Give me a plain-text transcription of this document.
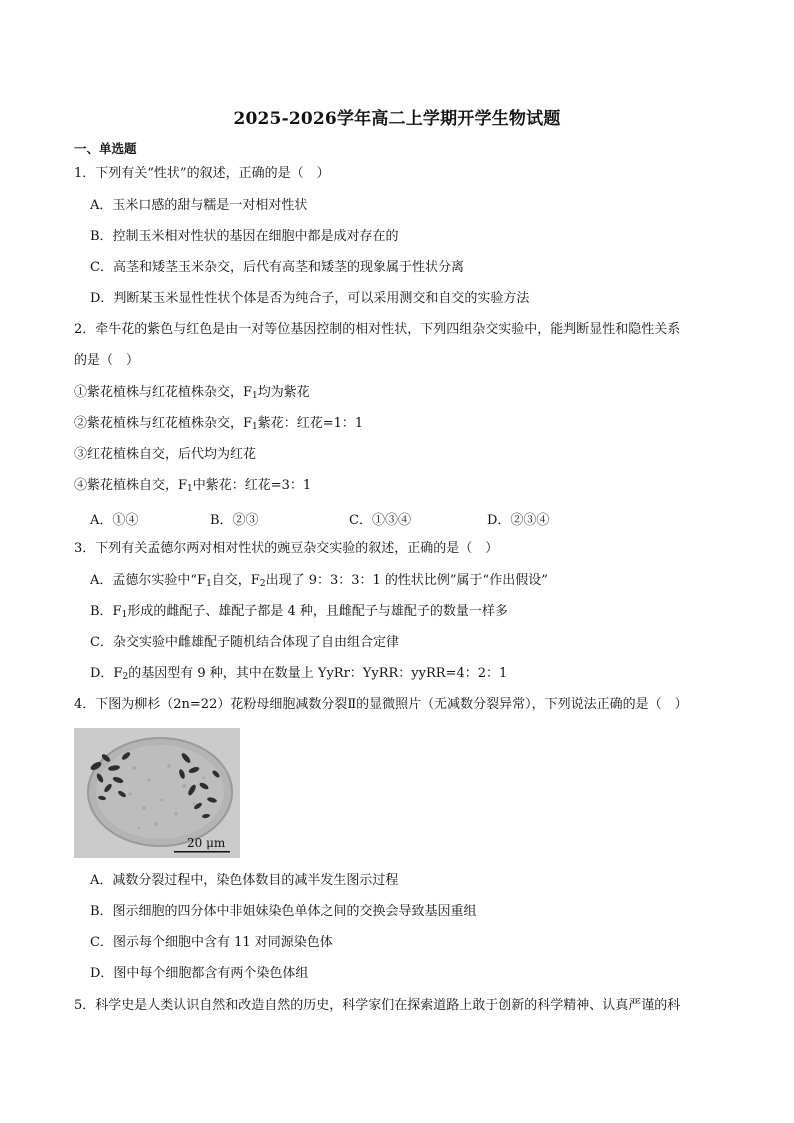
2025-2026学年高二上学期开学生物试题
一、单选题
1．下列有关“性状”的叙述，正确的是（　）
A．玉米口感的甜与糯是一对相对性状
B．控制玉米相对性状的基因在细胞中都是成对存在的
C．高茎和矮茎玉米杂交，后代有高茎和矮茎的现象属于性状分离
D．判断某玉米显性性状个体是否为纯合子，可以采用测交和自交的实验方法
2．牵牛花的紫色与红色是由一对等位基因控制的相对性状，下列四组杂交实验中，能判断显性和隐性关系
的是（　）
①紫花植株与红花植株杂交，$F_1$均为紫花
②紫花植株与红花植株杂交，$F_1$紫花：红花=1：1
③红花植株自交，后代均为红花
④紫花植株自交，$F_1$中紫花：红花=3：1
A．①④	B．②③	C．①③④	D．②③④
3．下列有关孟德尔两对相对性状的豌豆杂交实验的叙述，正确的是（　）
A．孟德尔实验中“$F_1$自交，$F_2$出现了 9：3：3：1 的性状比例”属于“作出假设”
B．$F_1$形成的雌配子、雄配子都是 4 种，且雌配子与雄配子的数量一样多
C．杂交实验中雌雄配子随机结合体现了自由组合定律
D．$F_2$的基因型有 9 种，其中在数量上 YyRr：YyRR：yyRR=4：2：1
4．下图为柳杉（2n=22）花粉母细胞减数分裂Ⅱ的显微照片（无减数分裂异常），下列说法正确的是（　）
20 μm
A．减数分裂过程中，染色体数目的减半发生图示过程
B．图示细胞的四分体中非姐妹染色单体之间的交换会导致基因重组
C．图示每个细胞中含有 11 对同源染色体
D．图中每个细胞都含有两个染色体组
5．科学史是人类认识自然和改造自然的历史，科学家们在探索道路上敢于创新的科学精神、认真严谨的科
